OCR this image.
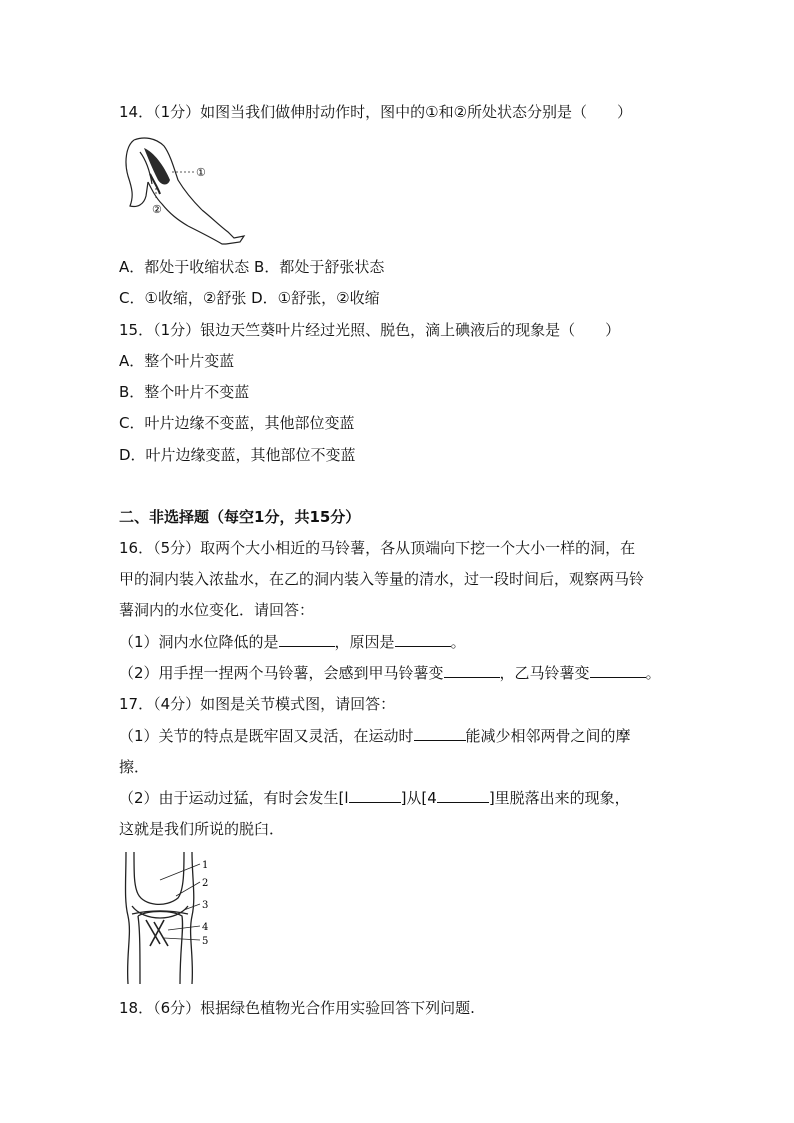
14．（1分）如图当我们做伸肘动作时，图中的①和②所处状态分别是（　　）
①
②
A．都处于收缩状态 B．都处于舒张状态
C．①收缩，②舒张 D．①舒张，②收缩
15．（1分）银边天竺葵叶片经过光照、脱色，滴上碘液后的现象是（　　）
A．整个叶片变蓝
B．整个叶片不变蓝
C．叶片边缘不变蓝，其他部位变蓝
D．叶片边缘变蓝，其他部位不变蓝
二、非选择题（每空1分，共15分）
16．（5分）取两个大小相近的马铃薯，各从顶端向下挖一个大小一样的洞，在
甲的洞内装入浓盐水，在乙的洞内装入等量的清水，过一段时间后，观察两马铃
薯洞内的水位变化．请回答：
（1）洞内水位降低的是	，原因是	。
（2）用手捏一捏两个马铃薯，会感到甲马铃薯变	，乙马铃薯变	。
17．（4分）如图是关节模式图，请回答：
（1）关节的特点是既牢固又灵活，在运动时	能减少相邻两骨之间的摩
擦．
（2）由于运动过猛，有时会发生[l	]从[4	]里脱落出来的现象，
这就是我们所说的脱臼．
1
2
3
4
5
18．（6分）根据绿色植物光合作用实验回答下列问题.
